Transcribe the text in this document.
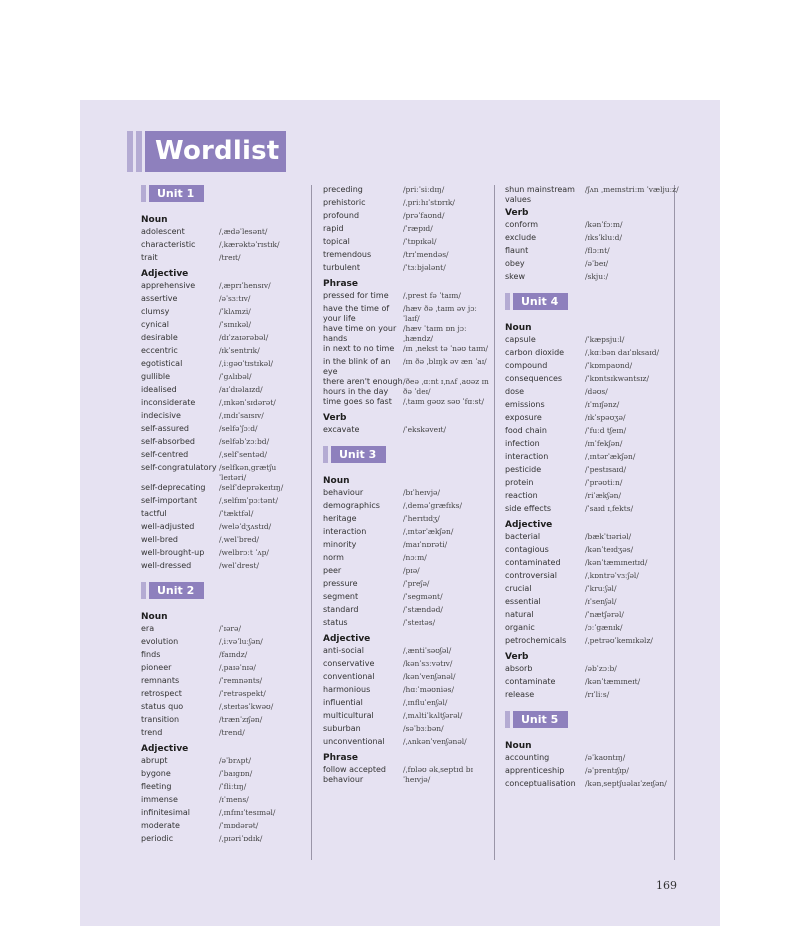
Wordlist
Unit 1
Noun
adolescent	/ˌædəˈlesənt/
characteristic	/ˌkærəktəˈrɪstɪk/
trait	/treɪt/
Adjective
apprehensive	/ˌæprɪˈhensɪv/
assertive	/əˈsɜːtɪv/
clumsy	/ˈklʌmzi/
cynical	/ˈsɪnɪkəl/
desirable	/dɪˈzaɪərəbəl/
eccentric	/ɪkˈsentrɪk/
egotistical	/ˌiːgəʊˈtɪstɪkəl/
gullible	/ˈgʌlɪbəl/
idealised	/aɪˈdɪəlaɪzd/
inconsiderate	/ˌɪnkənˈsɪdərət/
indecisive	/ˌɪndɪˈsaɪsɪv/
self-assured	/selfəˈʃɔːd/
self-absorbed	/selfəbˈzɔːbd/
self-centred	/ˌselfˈsentəd/
self-congratulatory /selfkənˌgrætʃuˈleɪtəri/
self-deprecating	/selfˈdeprəkeɪtɪŋ/
self-important	/ˌselfɪmˈpɔːtənt/
tactful	/ˈtæktfəl/
well-adjusted	/weləˈdʒʌstɪd/
well-bred	/ˌwelˈbred/
well-brought-up	/welbrɔːt ˈʌp/
well-dressed	/welˈdrest/
Unit 2
Noun
era	/ˈɪərə/
evolution	/ˌiːvəˈluːʃən/
finds	/faɪndz/
pioneer	/ˌpaɪəˈnɪə/
remnants	/ˈremnənts/
retrospect	/ˈretrəspekt/
status quo	/ˌsteɪtəsˈkwəʊ/
transition	/trænˈzɪʃən/
trend	/trend/
Adjective
abrupt	/əˈbrʌpt/
bygone	/ˈbaɪgɒn/
fleeting	/ˈfliːtɪŋ/
immense	/ɪˈmens/
infinitesimal	/ˌɪnfɪnɪˈtesɪməl/
moderate	/ˈmɒdərət/
periodic	/ˌpɪəriˈɒdɪk/
preceding	/priːˈsiːdɪŋ/
prehistoric	/ˌpriːhɪˈstɒrɪk/
profound	/prəˈfaʊnd/
rapid	/ˈræpɪd/
topical	/ˈtɒpɪkəl/
tremendous	/trɪˈmendəs/
turbulent	/ˈtɜːbjələnt/
Phrase
pressed for time	/ˌprest fə ˈtaɪm/
have the time of your life
/hæv ðə ˌtaɪm əv jɔː ˈlaɪf/
have time on your hands
/hæv ˈtaɪm ɒn jɔː ˌhændz/
in next to no time	/ɪn ˌnekst tə ˈnəʊ taɪm/
in the blink of an eye
/ɪn ðə ˌblɪŋk əv æn ˈaɪ/
there aren't enough hours in the day
/ðeə ˌɑːnt ɪˌnʌf ˌaʊəz ɪn ðə ˈdeɪ/
time goes so fast	/ˌtaɪm gəʊz səʊ ˈfɑːst/
Verb
excavate	/ˈekskəveɪt/
Unit 3
Noun
behaviour	/bɪˈheɪvjə/
demographics	/ˌdeməˈgræfɪks/
heritage	/ˈherɪtɪdʒ/
interaction	/ˌɪntərˈækʃən/
minority	/maɪˈnɒrəti/
norm	/nɔːm/
peer	/pɪə/
pressure	/ˈpreʃə/
segment	/ˈsegmənt/
standard	/ˈstændəd/
status	/ˈsteɪtəs/
Adjective
anti-social	/ˌæntiˈsəʊʃəl/
conservative	/kənˈsɜːvətɪv/
conventional	/kənˈvenʃənəl/
harmonious	/hɑːˈməʊniəs/
influential	/ˌɪnfluˈenʃəl/
multicultural	/ˌmʌltiˈkʌltʃərəl/
suburban	/səˈbɜːbən/
unconventional	/ˌʌnkənˈvenʃənəl/
Phrase
follow accepted behaviour
/ˌfɒləʊ əkˌseptɪd bɪˈheɪvjə/
shun mainstream values
/ʃʌn ˌmeɪnstriːm ˈvæljuːz/
Verb
conform	/kənˈfɔːm/
exclude	/ɪksˈkluːd/
flaunt	/flɔːnt/
obey	/əˈbeɪ/
skew	/skjuː/
Unit 4
Noun
capsule	/ˈkæpsjuːl/
carbon dioxide	/ˌkɑːbən daɪˈɒksaɪd/
compound	/ˈkɒmpaʊnd/
consequences	/ˈkɒntsɪkwəntsɪz/
dose	/dəʊs/
emissions	/ɪˈmɪʃənz/
exposure	/ɪkˈspəʊʒə/
food chain	/ˈfuːd tʃeɪn/
infection	/ɪnˈfekʃən/
interaction	/ˌɪntərˈækʃən/
pesticide	/ˈpestɪsaɪd/
protein	/ˈprəʊtiːn/
reaction	/riˈækʃən/
side effects	/ˈsaɪd ɪˌfekts/
Adjective
bacterial	/bækˈtɪəriəl/
contagious	/kənˈteɪdʒəs/
contaminated	/kənˈtæmɪneɪtɪd/
controversial	/ˌkɒntrəˈvɜːʃəl/
crucial	/ˈkruːʃəl/
essential	/ɪˈsenʃəl/
natural	/ˈnætʃərəl/
organic	/ɔːˈgænɪk/
petrochemicals	/ˌpetrəʊˈkemɪkəlz/
Verb
absorb	/əbˈzɔːb/
contaminate	/kənˈtæmɪneɪt/
release	/rɪˈliːs/
Unit 5
Noun
accounting	/əˈkaʊntɪŋ/
apprenticeship	/əˈprentɪʃɪp/
conceptualisation	/kənˌseptʃuəlaɪˈzeɪʃən/
169
